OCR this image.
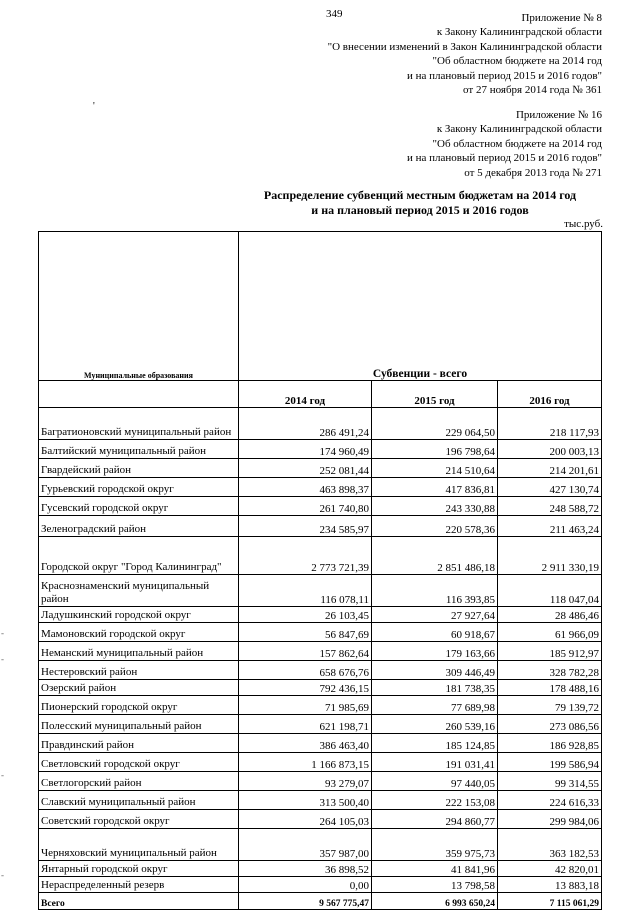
349	Приложение № 8
к Закону Калининградской области
"О внесении изменений в Закон Калининградской области
"Об областном бюджете на 2014 год
и на плановый период 2015 и 2016 годов"
от 27 ноября 2014 года № 361
'
Приложение № 16
к Закону Калининградской области
"Об областном бюджете на 2014 год
и на плановый период 2015 и 2016 годов"
от 5 декабря 2013 года № 271
Распределение субвенций местным бюджетам на 2014 год
и на плановый период 2015 и 2016 годов
тыс.руб.
-
-
-
-
Муниципальные образования	Субвенции - всего		
	2014 год	2015 год	2016 год
Багратионовский муниципальный район	286 491,24	229 064,50	218 117,93
Балтийский муниципальный район	174 960,49	196 798,64	200 003,13
Гвардейский район	252 081,44	214 510,64	214 201,61
Гурьевский городской округ	463 898,37	417 836,81	427 130,74
Гусевский городской округ	261 740,80	243 330,88	248 588,72
Зеленоградский район	234 585,97	220 578,36	211 463,24
Городской округ "Город Калининград"	2 773 721,39	2 851 486,18	2 911 330,19
Краснознаменский муниципальный район	116 078,11	116 393,85	118 047,04
Ладушкинский городской округ	26 103,45	27 927,64	28 486,46
Мамоновский городской округ	56 847,69	60 918,67	61 966,09
Неманский муниципальный район	157 862,64	179 163,66	185 912,97
Нестеровский район	658 676,76	309 446,49	328 782,28
Озерский район	792 436,15	181 738,35	178 488,16
Пионерский городской округ	71 985,69	77 689,98	79 139,72
Полесский муниципальный район	621 198,71	260 539,16	273 086,56
Правдинский район	386 463,40	185 124,85	186 928,85
Светловский городской округ	1 166 873,15	191 031,41	199 586,94
Светлогорский район	93 279,07	97 440,05	99 314,55
Славский муниципальный район	313 500,40	222 153,08	224 616,33
Советский городской округ	264 105,03	294 860,77	299 984,06
Черняховский муниципальный район	357 987,00	359 975,73	363 182,53
Янтарный городской округ	36 898,52	41 841,96	42 820,01
Нераспределенный резерв	0,00	13 798,58	13 883,18
Всего	9 567 775,47	6 993 650,24	7 115 061,29
